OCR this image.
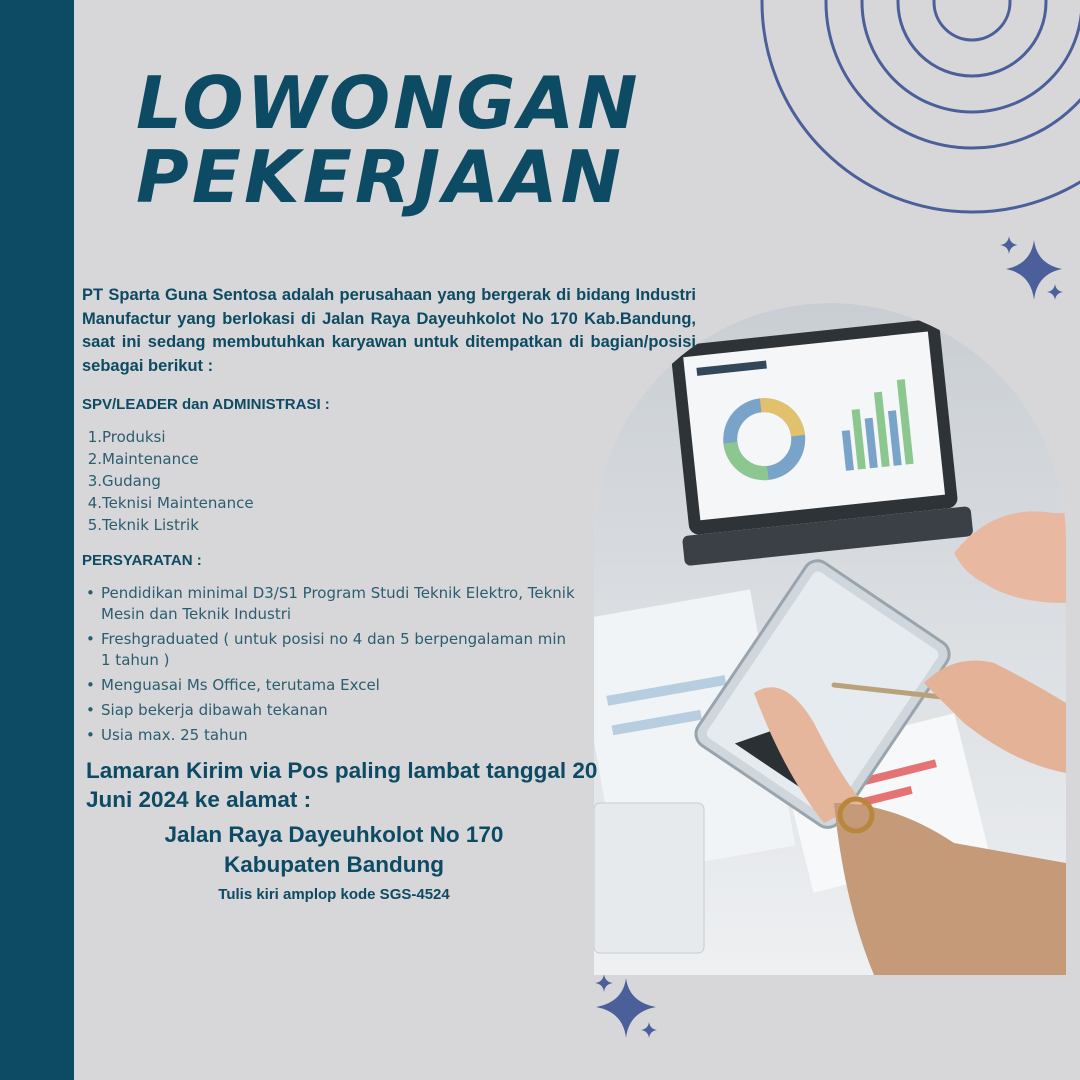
LOWONGAN
PEKERJAAN

PT Sparta Guna Sentosa adalah perusahaan yang bergerak di bidang Industri Manufactur yang berlokasi di Jalan Raya Dayeuhkolot No 170 Kab.Bandung, saat ini sedang membutuhkan karyawan untuk ditempatkan di bagian/posisi sebagai berikut :

SPV/LEADER dan ADMINISTRASI :

1.Produksi
2.Maintenance
3.Gudang
4.Teknisi Maintenance
5.Teknik Listrik

PERSYARATAN :

• Pendidikan minimal D3/S1 Program Studi Teknik Elektro, Teknik Mesin dan Teknik Industri
• Freshgraduated ( untuk posisi no 4 dan 5 berpengalaman min 1 tahun )
• Menguasai Ms Office, terutama Excel
• Siap bekerja dibawah tekanan
• Usia max. 25 tahun

Lamaran Kirim via Pos paling lambat tanggal 20 Juni 2024 ke alamat :

Jalan Raya Dayeuhkolot No 170
Kabupaten Bandung

Tulis kiri amplop kode SGS-4524
